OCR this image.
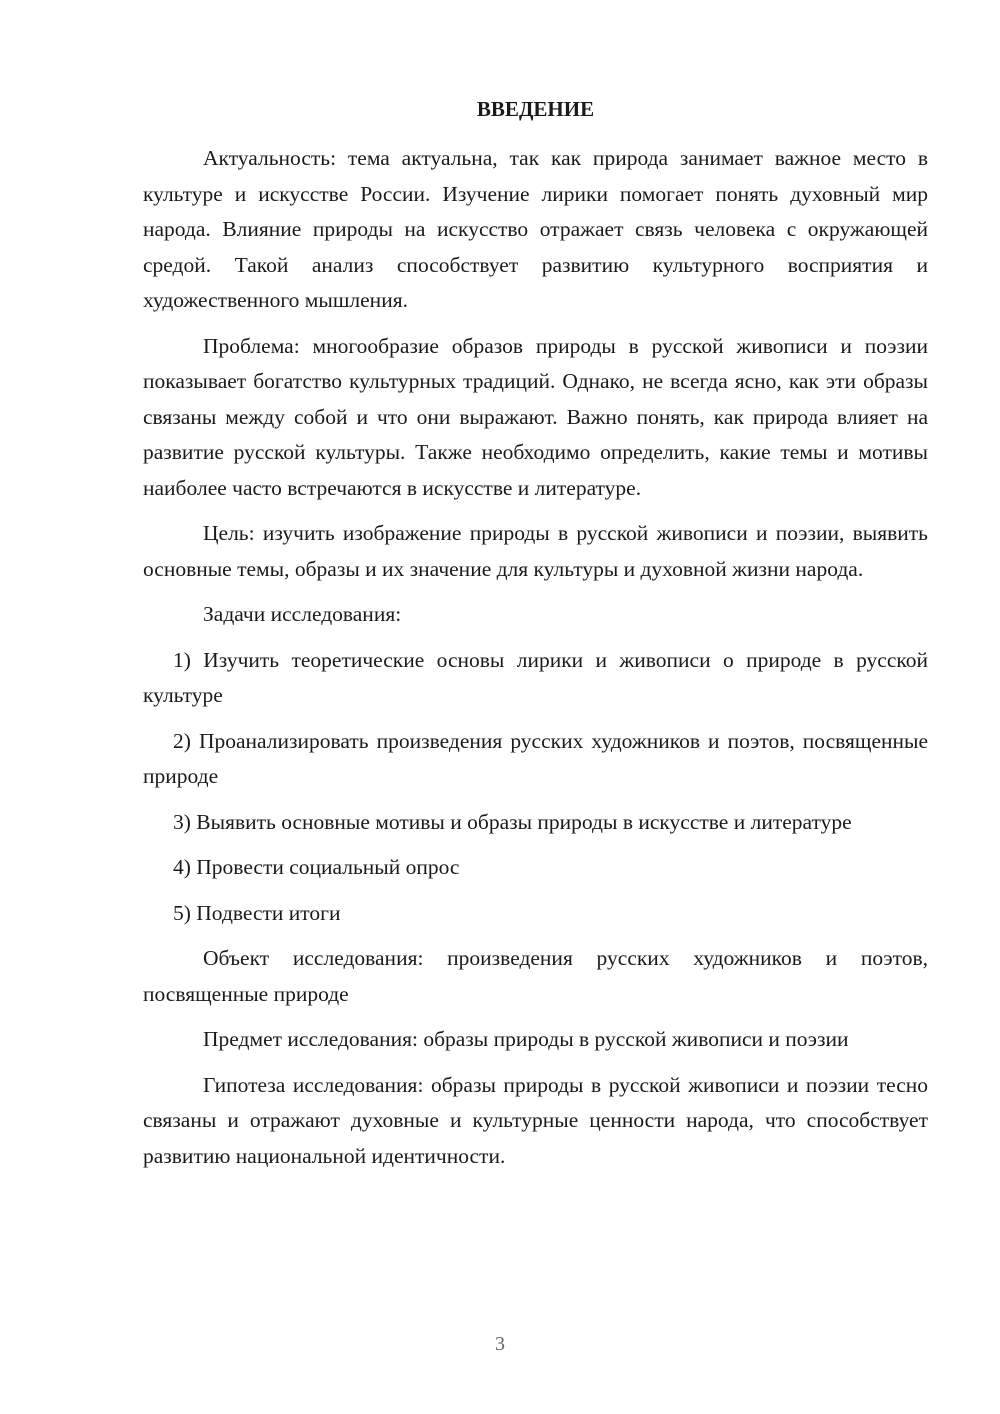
ВВЕДЕНИЕ

Актуальность: тема актуальна, так как природа занимает важное место в культуре и искусстве России. Изучение лирики помогает понять духовный мир народа. Влияние природы на искусство отражает связь человека с окружающей средой. Такой анализ способствует развитию культурного восприятия и художественного мышления.

Проблема: многообразие образов природы в русской живописи и поэзии показывает богатство культурных традиций. Однако, не всегда ясно, как эти образы связаны между собой и что они выражают. Важно понять, как природа влияет на развитие русской культуры. Также необходимо определить, какие темы и мотивы наиболее часто встречаются в искусстве и литературе.

Цель: изучить изображение природы в русской живописи и поэзии, выявить основные темы, образы и их значение для культуры и духовной жизни народа.

Задачи исследования:

1) Изучить теоретические основы лирики и живописи о природе в русской культуре

2) Проанализировать произведения русских художников и поэтов, посвященные природе

3) Выявить основные мотивы и образы природы в искусстве и литературе

4) Провести социальный опрос

5) Подвести итоги

Объект исследования: произведения русских художников и поэтов, посвященные природе

Предмет исследования: образы природы в русской живописи и поэзии

Гипотеза исследования: образы природы в русской живописи и поэзии тесно связаны и отражают духовные и культурные ценности народа, что способствует развитию национальной идентичности.

3
